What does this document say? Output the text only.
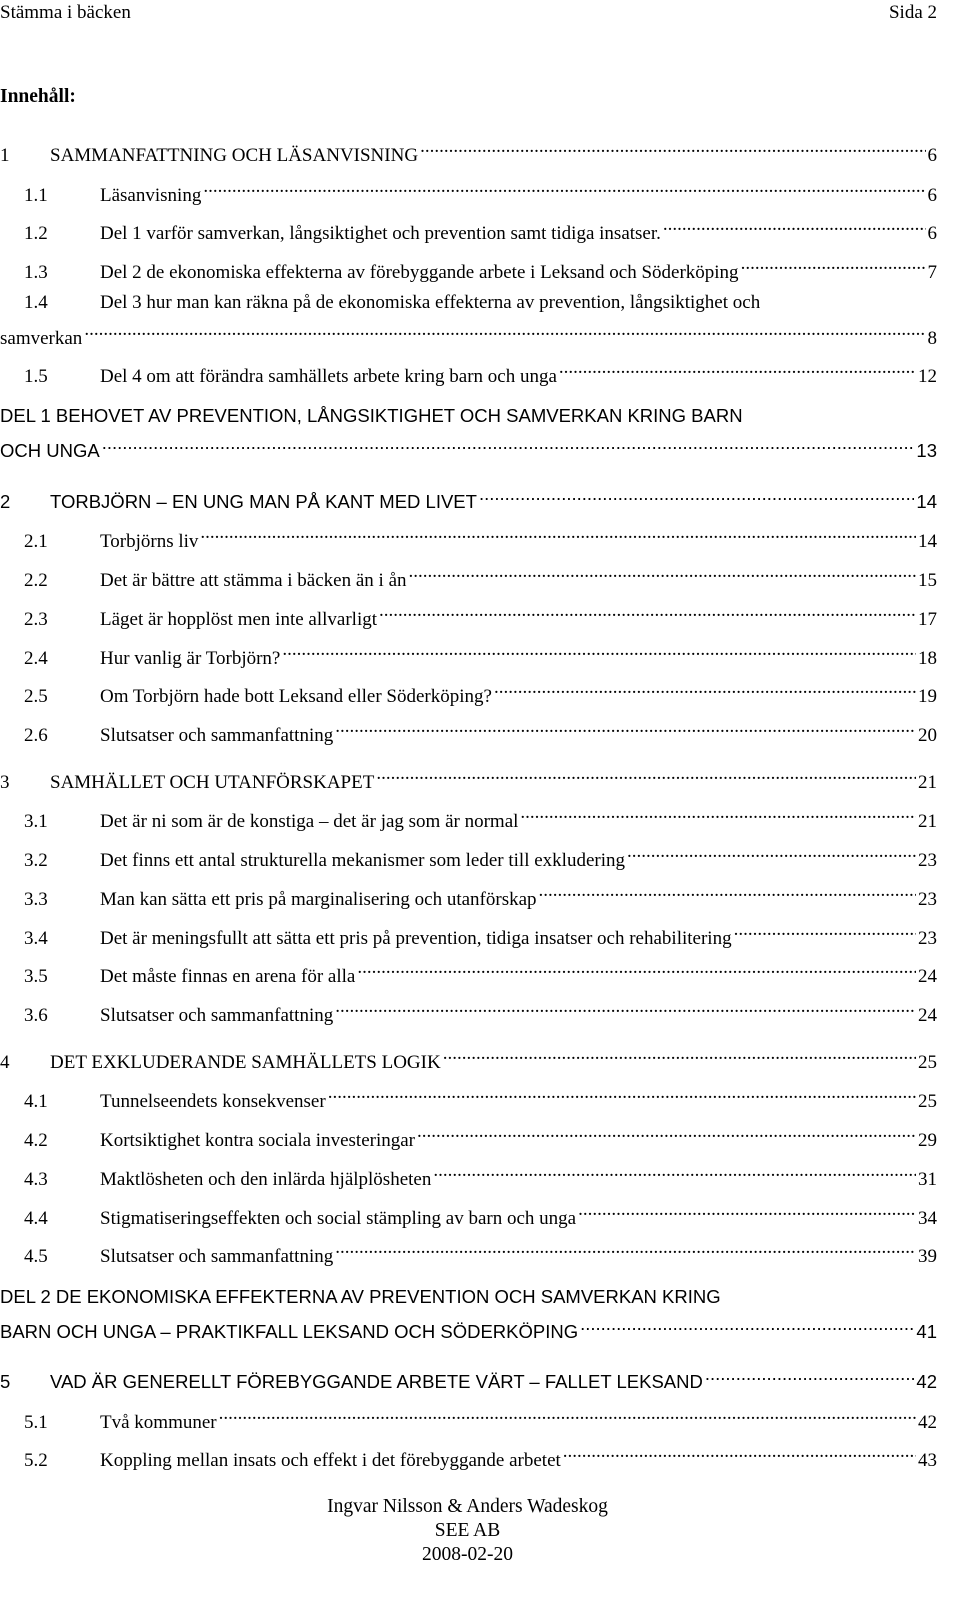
Stämma i bäcken	Sida 2
Innehåll:
1	SAMMANFATTNING OCH LÄSANVISNING .....	6
1.1	Läsanvisning .....	6
1.2	Del 1 varför samverkan, långsiktighet och prevention samt tidiga insatser. .....	6
1.3	Del 2 de ekonomiska effekterna av förebyggande arbete i Leksand och Söderköping .....	7
1.4	Del 3 hur man kan räkna på de ekonomiska effekterna av prevention, långsiktighet och
samverkan .....	8
1.5	Del 4 om att förändra samhällets arbete kring barn och unga .....	12
DEL 1 BEHOVET AV PREVENTION, LÅNGSIKTIGHET OCH SAMVERKAN KRING BARN
OCH UNGA .....	13
2	TORBJÖRN – EN UNG MAN PÅ KANT MED LIVET .....	14
2.1	Torbjörns liv .....	14
2.2	Det är bättre att stämma i bäcken än i ån .....	15
2.3	Läget är hopplöst men inte allvarligt .....	17
2.4	Hur vanlig är Torbjörn? .....	18
2.5	Om Torbjörn hade bott Leksand eller Söderköping? .....	19
2.6	Slutsatser och sammanfattning .....	20
3	SAMHÄLLET OCH UTANFÖRSKAPET .....	21
3.1	Det är ni som är de konstiga – det är jag som är normal .....	21
3.2	Det finns ett antal strukturella mekanismer som leder till exkludering .....	23
3.3	Man kan sätta ett pris på marginalisering och utanförskap .....	23
3.4	Det är meningsfullt att sätta ett pris på prevention, tidiga insatser och rehabilitering .....	23
3.5	Det måste finnas en arena för alla .....	24
3.6	Slutsatser och sammanfattning .....	24
4	DET EXKLUDERANDE SAMHÄLLETS LOGIK .....	25
4.1	Tunnelseendets konsekvenser .....	25
4.2	Kortsiktighet kontra sociala investeringar .....	29
4.3	Maktlösheten och den inlärda hjälplösheten .....	31
4.4	Stigmatiseringseffekten och social stämpling av barn och unga .....	34
4.5	Slutsatser och sammanfattning .....	39
DEL 2 DE EKONOMISKA EFFEKTERNA AV PREVENTION OCH SAMVERKAN KRING
BARN OCH UNGA – PRAKTIKFALL LEKSAND OCH SÖDERKÖPING .....	41
5	VAD ÄR GENERELLT FÖREBYGGANDE ARBETE VÄRT – FALLET LEKSAND .....	42
5.1	Två kommuner .....	42
5.2	Koppling mellan insats och effekt i det förebyggande arbetet .....	43
Ingvar Nilsson & Anders Wadeskog
SEE AB
2008-02-20
